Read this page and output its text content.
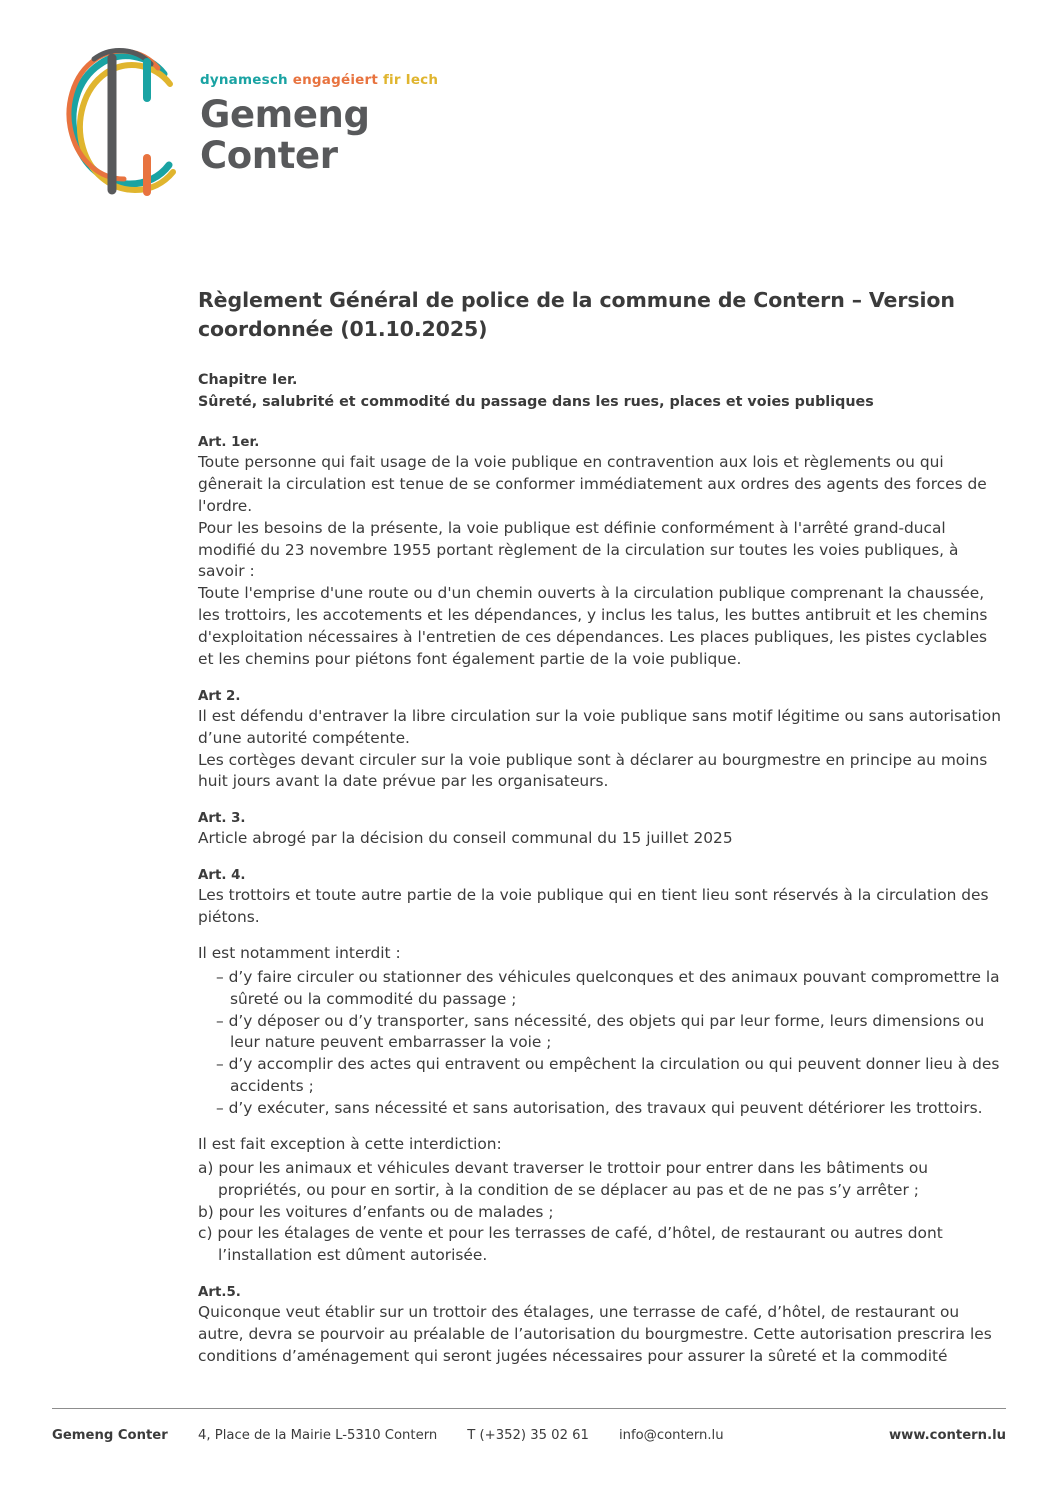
dynamesch engagéiert fir Iech
Gemeng
Conter
Règlement Général de police de la commune de Contern – Version coordonnée (01.10.2025)
Chapitre Ier.
Sûreté, salubrité et commodité du passage dans les rues, places et voies publiques
Art. 1er.

Toute personne qui fait usage de la voie publique en contravention aux lois et règlements ou qui gênerait la circulation est tenue de se conformer immédiatement aux ordres des agents des forces de l'ordre.

Pour les besoins de la présente, la voie publique est définie conformément à l'arrêté grand-ducal modifié du 23 novembre 1955 portant règlement de la circulation sur toutes les voies publiques, à savoir :

Toute l'emprise d'une route ou d'un chemin ouverts à la circulation publique comprenant la chaussée, les trottoirs, les accotements et les dépendances, y inclus les talus, les buttes antibruit et les chemins d'exploitation nécessaires à l'entretien de ces dépendances. Les places publiques, les pistes cyclables et les chemins pour piétons font également partie de la voie publique.

Art 2.

Il est défendu d'entraver la libre circulation sur la voie publique sans motif légitime ou sans autorisation d’une autorité compétente.

Les cortèges devant circuler sur la voie publique sont à déclarer au bourgmestre en principe au moins huit jours avant la date prévue par les organisateurs.

Art. 3.

Article abrogé par la décision du conseil communal du 15 juillet 2025

Art. 4.

Les trottoirs et toute autre partie de la voie publique qui en tient lieu sont réservés à la circulation des piétons.

Il est notamment interdit :

– d’y faire circuler ou stationner des véhicules quelconques et des animaux pouvant compromettre la sûreté ou la commodité du passage ;
– d’y déposer ou d’y transporter, sans nécessité, des objets qui par leur forme, leurs dimensions ou leur nature peuvent embarrasser la voie ;
– d’y accomplir des actes qui entravent ou empêchent la circulation ou qui peuvent donner lieu à des accidents ;
– d’y exécuter, sans nécessité et sans autorisation, des travaux qui peuvent détériorer les trottoirs.

Il est fait exception à cette interdiction:

a) pour les animaux et véhicules devant traverser le trottoir pour entrer dans les bâtiments ou propriétés, ou pour en sortir, à la condition de se déplacer au pas et de ne pas s’y arrêter ;
b) pour les voitures d’enfants ou de malades ;
c) pour les étalages de vente et pour les terrasses de café, d’hôtel, de restaurant ou autres dont l’installation est dûment autorisée.
Art.5.

Quiconque veut établir sur un trottoir des étalages, une terrasse de café, d’hôtel, de restaurant ou autre, devra se pourvoir au préalable de l’autorisation du bourgmestre. Cette autorisation prescrira les conditions d’aménagement qui seront jugées nécessaires pour assurer la sûreté et la commodité

Gemeng Conter	4, Place de la Mairie L-5310 Contern T (+352) 35 02 61 info@contern.lu	www.contern.lu
